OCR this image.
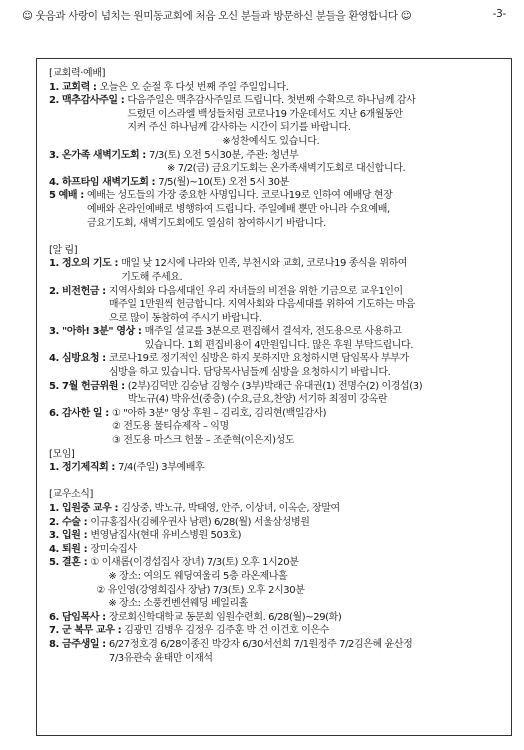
☺ 웃음과 사랑이 넘치는 원미동교회에 처음 오신 분들과 방문하신 분들을 환영합니다 ☺	-3-
[교회력·예배]
1. 교회력 : 오늘은 오 순절 후 다섯 번째 주일 주일입니다.
2. 맥추감사주일 : 다음주일은 맥추감사주일로 드립니다. 첫번째 수확으로 하나님께 감사
드렸던 이스라엘 백성들처럼 코로나19 가운데서도 지난 6개월동안
지켜 주신 하나님께 감사하는 시간이 되기를 바랍니다.
※성찬예식도 있습니다.
3. 온가족 새벽기도회 : 7/3(토) 오전 5시30분, 주관: 청년부
※ 7/2(금) 금요기도회는 온가족새벽기도회로 대신합니다.
4. 하프타임 새벽기도회 : 7/5(월)~10(토) 오전 5시 30분
5 예배 : 예배는 성도들의 가장 중요한 사명입니다. 코로나19로 인하여 예배당 현장
예배와 온라인예배로 병행하여 드립니다. 주일예배 뿐만 아니라 수요예배,
금요기도회, 새벽기도회에도 열심히 참여하시기 바랍니다.
[알 림]
1. 정오의 기도 : 매일 낮 12시에 나라와 민족, 부천시와 교회, 코로나19 종식을 위하여
기도해 주세요.
2. 비전헌금 : 지역사회와 다음세대인 우리 자녀들의 비전을 위한 기금으로 교우1인이
매주일 1만원씩 헌금합니다. 지역사회와 다음세대를 위하여 기도하는 마음
으로 많이 동참하여 주시기 바랍니다.
3. "아하! 3분" 영상 : 매주일 설교를 3분으로 편집해서 결석자, 전도용으로 사용하고
있습니다. 1회 편집비용이 4만원입니다. 많은 후원 부탁드립니다.
4. 심방요청 : 코로나19로 정기적인 심방은 하지 못하지만 요청하시면 담임목사 부부가
심방을 하고 있습니다. 담당목사님들께 심방을 요청하시기 바랍니다.
5. 7월 헌금위원 : (2부)김덕만 김승남 김형수 (3부)박래근 유대권(1) 전명수(2) 이경섭(3)
박노규(4) 박유선(중층) (수요,금요,찬양) 서기하 최점미 강옥란
6. 감사한 일 : ① "아하 3분" 영상 후원 – 김리호, 김리현(백일감사)
② 전도용 물티슈제작 – 익명
③ 전도용 마스크 헌물 – 조준혁(이은지)성도
[모임]
1. 정기제직회 : 7/4(주일) 3부예배후
[교우소식]
1. 입원중 교우 : 김상중, 박노규, 박태영, 안주, 이상녀, 이옥순, 장말여
2. 수술 : 이규홍집사(김혜우권사 남편) 6/28(월) 서울삼성병원
3. 입원 : 변영남집사(현대 유비스병원 503호)
4. 퇴원 : 장미숙집사
5. 결혼 : ① 이새롬(이경섭집사 장녀) 7/3(토) 오후 1시20분
※ 장소: 여의도 웨딩여울리 5층 라온제나홀
② 유인영(강영희집사 장남) 7/3(토) 오후 2시30분
※ 장소: 소풍컨벤션웨딩 베일리홀
6. 담임목사 : 장로회신학대학교 동문회 임원수련회. 6/28(월)~29(화)
7. 군 복무 교우 : 김광민 김병우 김정우 김주훈 박 건 이건호 이은수
8. 금주생일 : 6/27정호경 6/28이종진 박강자 6/30서선희 7/1원정주 7/2김은혜 윤산정
7/3유관숙 윤태만 이재석
